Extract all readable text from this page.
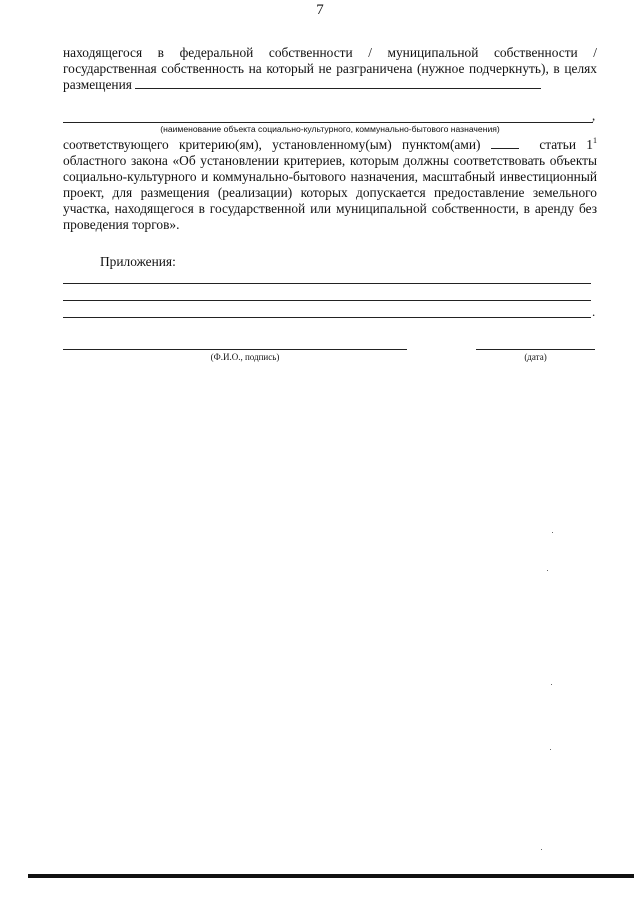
7
находящегося в федеральной собственности / муниципальной собственности / государственная собственность на который не разграничена (нужное подчеркнуть), в целях размещения
,
(наименование объекта социально-культурного, коммунально-бытового назначения)
соответствующего критерию(ям), установленному(ым) пунктом(ами)	статьи $1^1$ областного закона «Об установлении критериев, которым должны соответствовать объекты социально-культурного и коммунально-бытового назначения, масштабный инвестиционный проект, для размещения (реализации) которых допускается предоставление земельного участка, находящегося в государственной или муниципальной собственности, в аренду без проведения торгов».
Приложения:
.
(Ф.И.О., подпись)	(дата)
